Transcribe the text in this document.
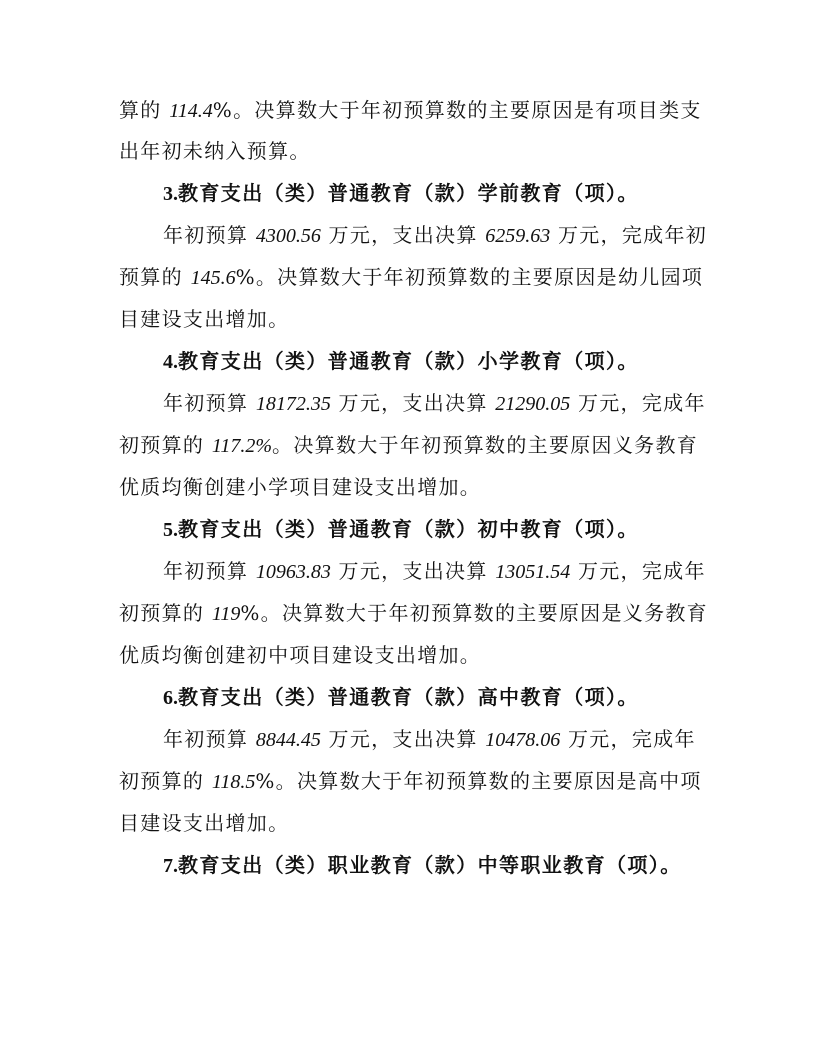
算的 114.4%。决算数大于年初预算数的主要原因是有项目类支
出年初未纳入预算。
3.教育支出（类）普通教育（款）学前教育（项）。
年初预算 4300.56 万元，支出决算 6259.63 万元，完成年初
预算的 145.6%。决算数大于年初预算数的主要原因是幼儿园项
目建设支出增加。
4.教育支出（类）普通教育（款）小学教育（项）。
年初预算 18172.35 万元，支出决算 21290.05 万元，完成年
初预算的 117.2%。决算数大于年初预算数的主要原因义务教育
优质均衡创建小学项目建设支出增加。
5.教育支出（类）普通教育（款）初中教育（项）。
年初预算 10963.83 万元，支出决算 13051.54 万元，完成年
初预算的 119%。决算数大于年初预算数的主要原因是义务教育
优质均衡创建初中项目建设支出增加。
6.教育支出（类）普通教育（款）高中教育（项）。
年初预算 8844.45 万元，支出决算 10478.06 万元，完成年
初预算的 118.5%。决算数大于年初预算数的主要原因是高中项
目建设支出增加。
7.教育支出（类）职业教育（款）中等职业教育（项）。
